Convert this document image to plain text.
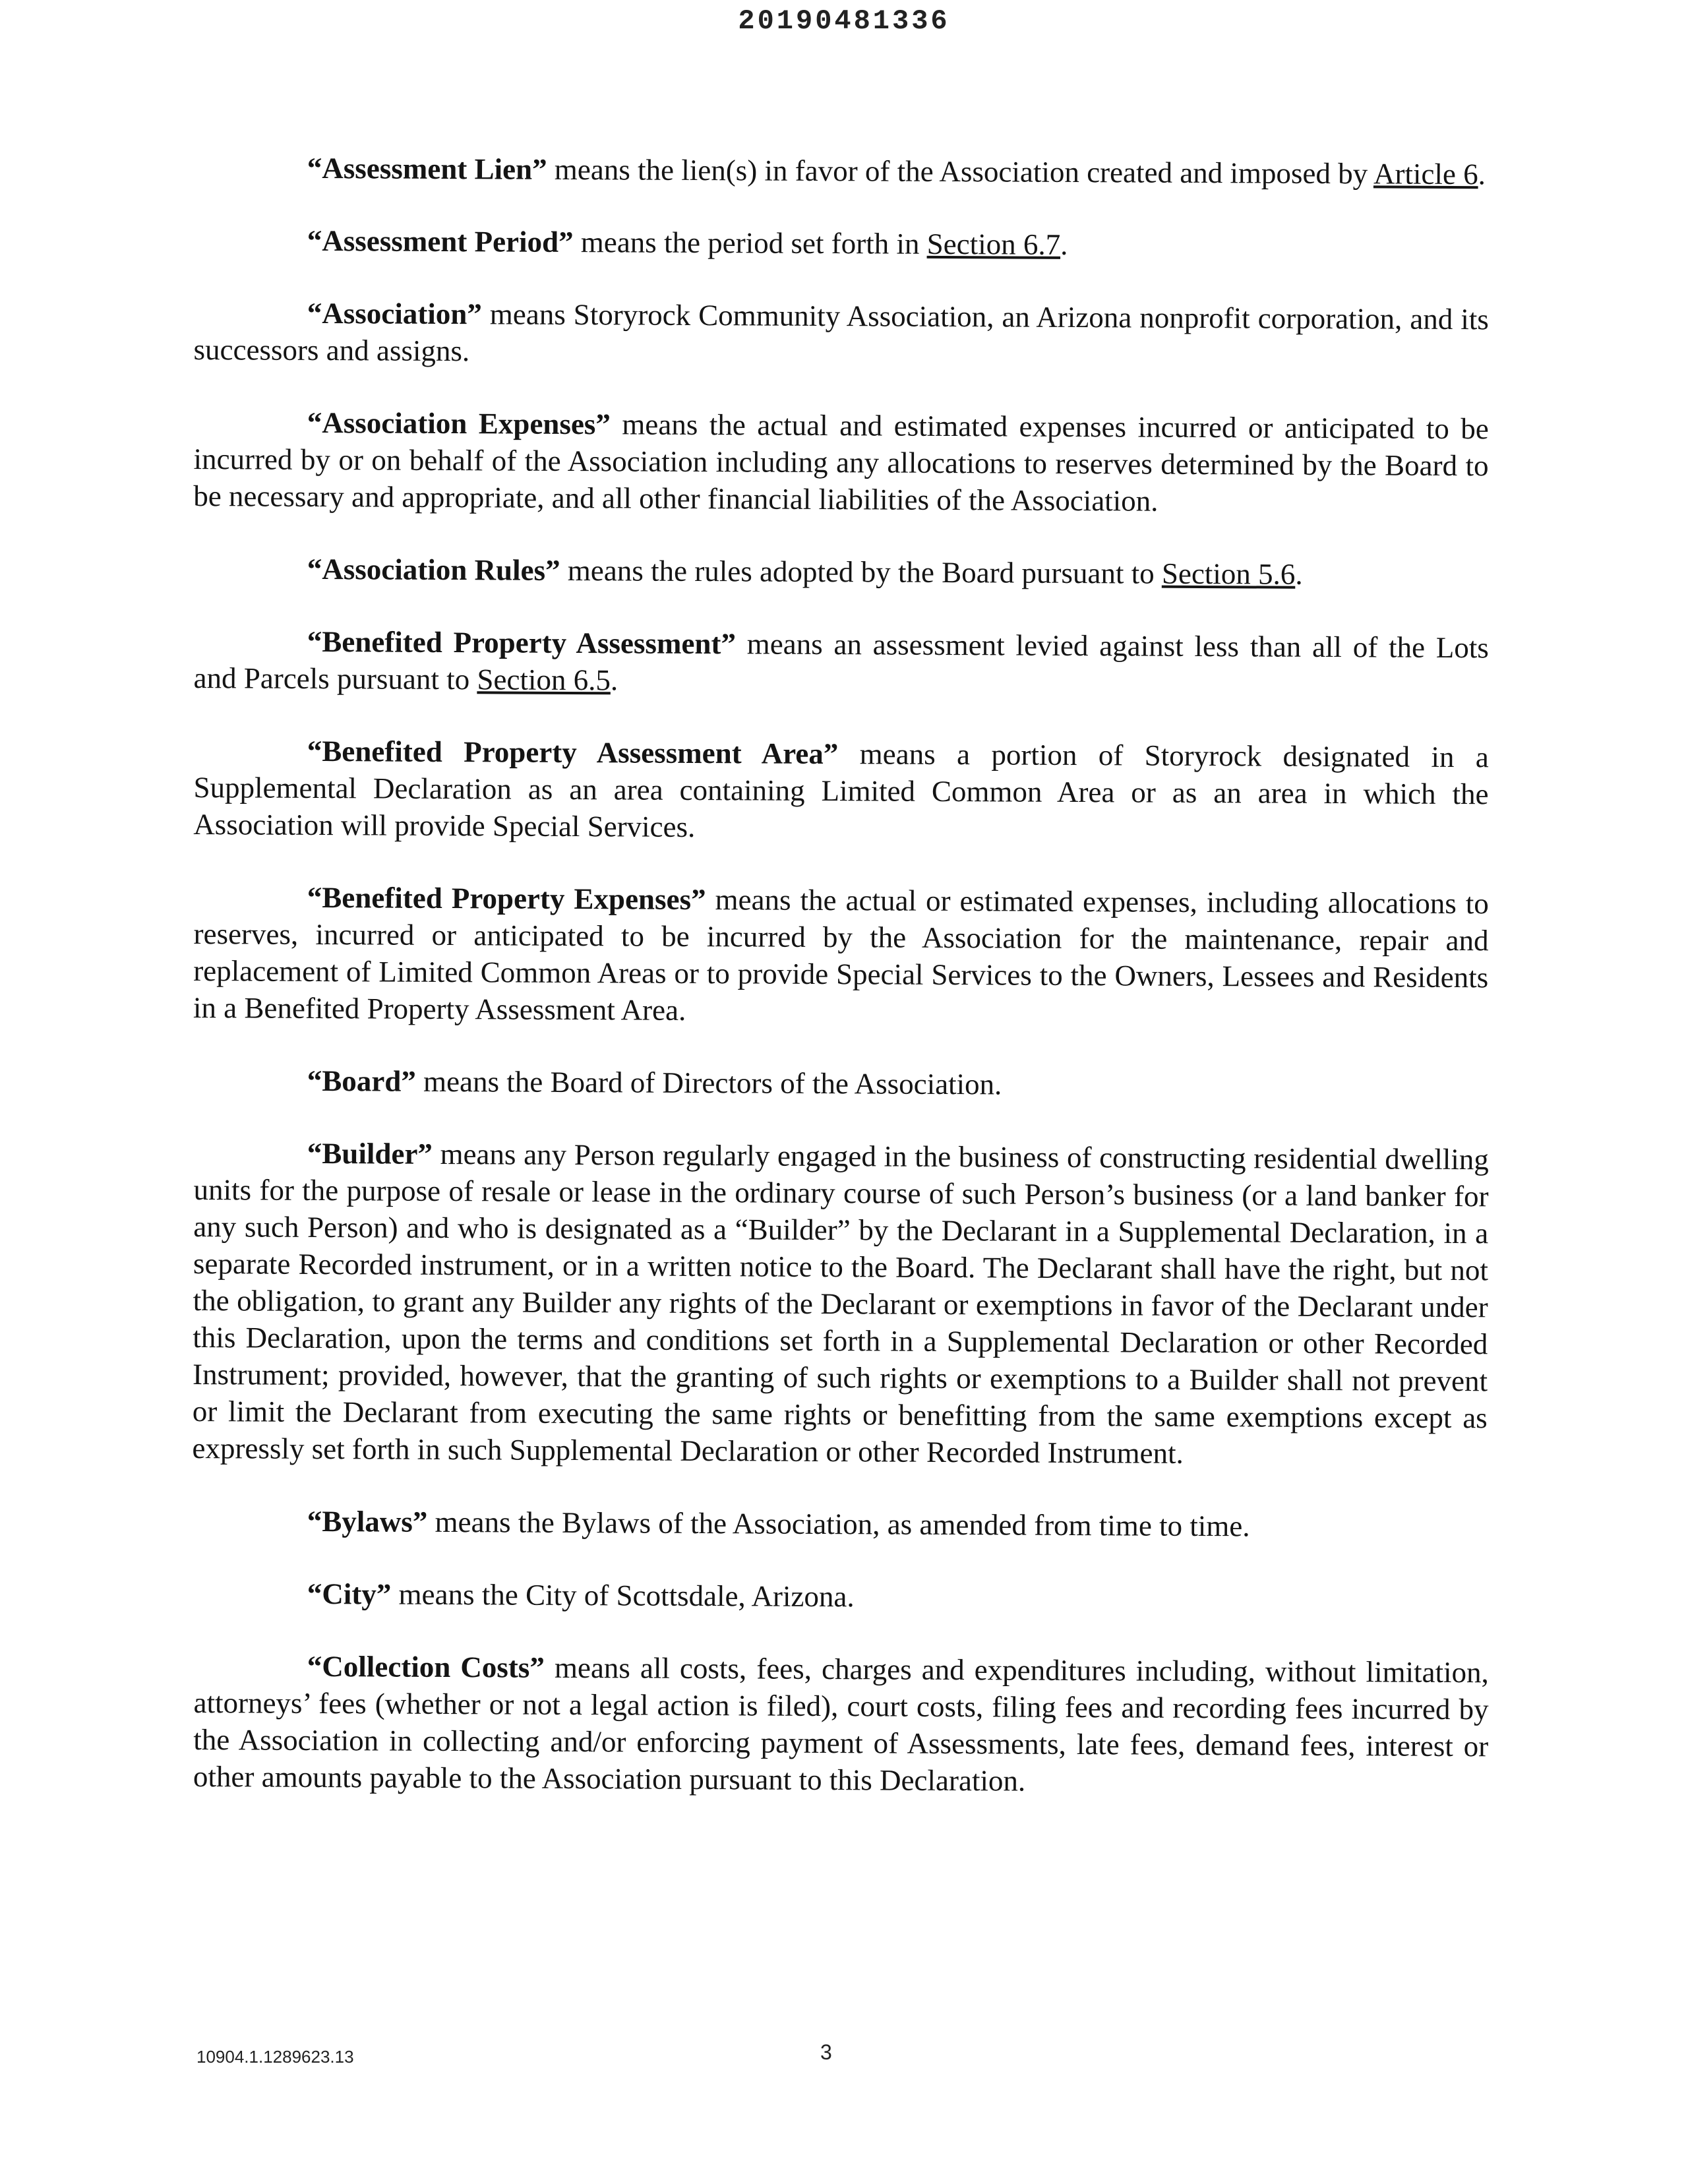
20190481336

“Assessment Lien” means the lien(s) in favor of the Association created and imposed by Article 6.

“Assessment Period” means the period set forth in Section 6.7.

“Association” means Storyrock Community Association, an Arizona nonprofit corporation, and its successors and assigns.

“Association Expenses” means the actual and estimated expenses incurred or anticipated to be incurred by or on behalf of the Association including any allocations to reserves determined by the Board to be necessary and appropriate, and all other financial liabilities of the Association.

“Association Rules” means the rules adopted by the Board pursuant to Section 5.6.

“Benefited Property Assessment” means an assessment levied against less than all of the Lots and Parcels pursuant to Section 6.5.

“Benefited Property Assessment Area” means a portion of Storyrock designated in a Supplemental Declaration as an area containing Limited Common Area or as an area in which the Association will provide Special Services.

“Benefited Property Expenses” means the actual or estimated expenses, including allocations to reserves, incurred or anticipated to be incurred by the Association for the maintenance, repair and replacement of Limited Common Areas or to provide Special Services to the Owners, Lessees and Residents in a Benefited Property Assessment Area.

“Board” means the Board of Directors of the Association.

“Builder” means any Person regularly engaged in the business of constructing residential dwelling units for the purpose of resale or lease in the ordinary course of such Person’s business (or a land banker for any such Person) and who is designated as a “Builder” by the Declarant in a Supplemental Declaration, in a separate Recorded instrument, or in a written notice to the Board. The Declarant shall have the right, but not the obligation, to grant any Builder any rights of the Declarant or exemptions in favor of the Declarant under this Declaration, upon the terms and conditions set forth in a Supplemental Declaration or other Recorded Instrument; provided, however, that the granting of such rights or exemptions to a Builder shall not prevent or limit the Declarant from executing the same rights or benefitting from the same exemptions except as expressly set forth in such Supplemental Declaration or other Recorded Instrument.

“Bylaws” means the Bylaws of the Association, as amended from time to time.

“City” means the City of Scottsdale, Arizona.

“Collection Costs” means all costs, fees, charges and expenditures including, without limitation, attorneys’ fees (whether or not a legal action is filed), court costs, filing fees and recording fees incurred by the Association in collecting and/or enforcing payment of Assessments, late fees, demand fees, interest or other amounts payable to the Association pursuant to this Declaration.

10904.1.1289623.13	3
